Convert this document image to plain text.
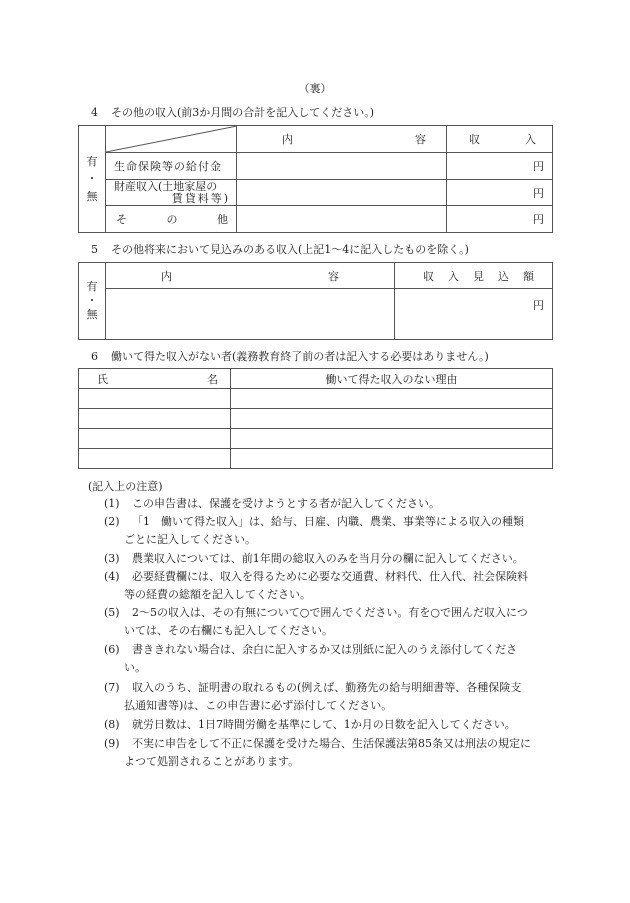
（裏）
4 その他の収入(前3か月間の合計を記入してください。)
有
・
無

内	容	収	入

	生命保険等の給付金		円

	財産収入(土地家屋の
賃貸料等)		円

	そ の 他		円
5 その他将来において見込みのある収入(上記1～4に記入したものを除く。)
有
・
無

内	容	収 入 見 込 額

		円
6 働いて得た収入がない者(義務教育終了前の者は記入する必要はありません。)
氏 名	働いて得た収入のない理由

(記入上の注意)
(1)	この申告書は、保護を受けようとする者が記入してください。
(2)	「1　働いて得た収入」は、給与、日雇、内職、農業、事業等による収入の種類
ごとに記入してください。
(3)	農業収入については、前1年間の総収入のみを当月分の欄に記入してください。
(4)	必要経費欄には、収入を得るために必要な交通費、材料代、仕入代、社会保険料
等の経費の総額を記入してください。
(5)	2～5の収入は、その有無について○で囲んでください。有を○で囲んだ収入につ
いては、その右欄にも記入してください。
(6)	書ききれない場合は、余白に記入するか又は別紙に記入のうえ添付してくださ
い。
(7)	収入のうち、証明書の取れるもの(例えば、勤務先の給与明細書等、各種保険支
払通知書等)は、この申告書に必ず添付してください。
(8)	就労日数は、1日7時間労働を基準にして、1か月の日数を記入してください。
(9)	不実に申告をして不正に保護を受けた場合、生活保護法第85条又は刑法の規定に
よつて処罰されることがあります。
